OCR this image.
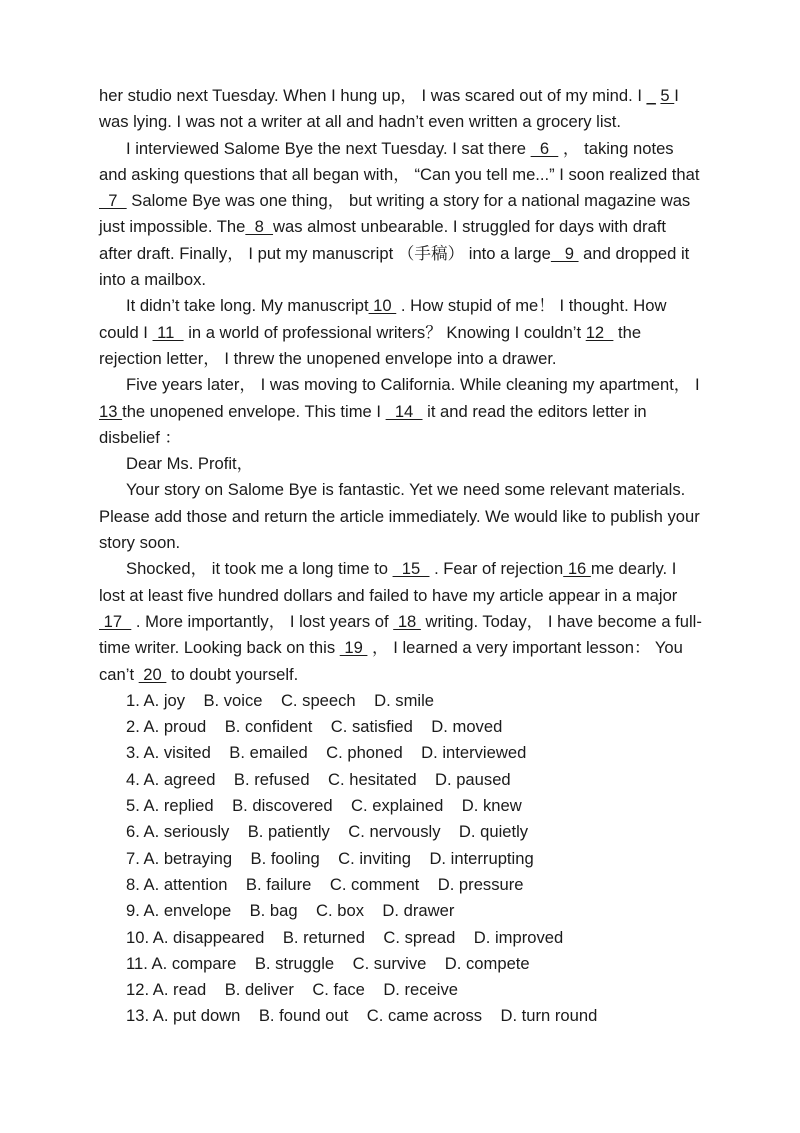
her studio next Tuesday. When I hung up， I was scared out of my mind. I _ 5 I was lying. I was not a writer at all and hadn’t even written a grocery list.

I interviewed Salome Bye the next Tuesday. I sat there   6   ， taking notes and asking questions that all began with， “Can you tell me...” I soon realized that   7   Salome Bye was one thing， but writing a story for a national magazine was just impossible. The  8  was almost unbearable. I struggled for days with draft after draft. Finally， I put my manuscript （手稿） into a large   9  and dropped it into a mailbox.

It didn’t take long. My manuscript 10  . How stupid of me！ I thought. How could I  11   in a world of professional writers？ Knowing I couldn’t 12   the rejection letter， I threw the unopened envelope into a drawer.

Five years later， I was moving to California. While cleaning my apartment， I 13 the unopened envelope. This time I   14   it and read the editors letter in disbelief ：

Dear Ms. Profit，

Your story on Salome Bye is fantastic. Yet we need some relevant materials. Please add those and return the article immediately. We would like to publish your story soon.

Shocked， it took me a long time to   15   . Fear of rejection 16 me dearly. I lost at least five hundred dollars and failed to have my article appear in a major 17   . More importantly， I lost years of  18  writing. Today， I have become a full-time writer. Looking back on this  19  ， I learned a very important lesson： You can’t  20  to doubt yourself.

1. A. joy    B. voice    C. speech    D. smile
2. A. proud    B. confident    C. satisfied    D. moved
3. A. visited    B. emailed    C. phoned    D. interviewed
4. A. agreed    B. refused    C. hesitated    D. paused
5. A. replied    B. discovered    C. explained    D. knew
6. A. seriously    B. patiently    C. nervously    D. quietly
7. A. betraying    B. fooling    C. inviting    D. interrupting
8. A. attention    B. failure    C. comment    D. pressure
9. A. envelope    B. bag    C. box    D. drawer
10. A. disappeared    B. returned    C. spread    D. improved
11. A. compare    B. struggle    C. survive    D. compete
12. A. read    B. deliver    C. face    D. receive
13. A. put down    B. found out    C. came across    D. turn round
